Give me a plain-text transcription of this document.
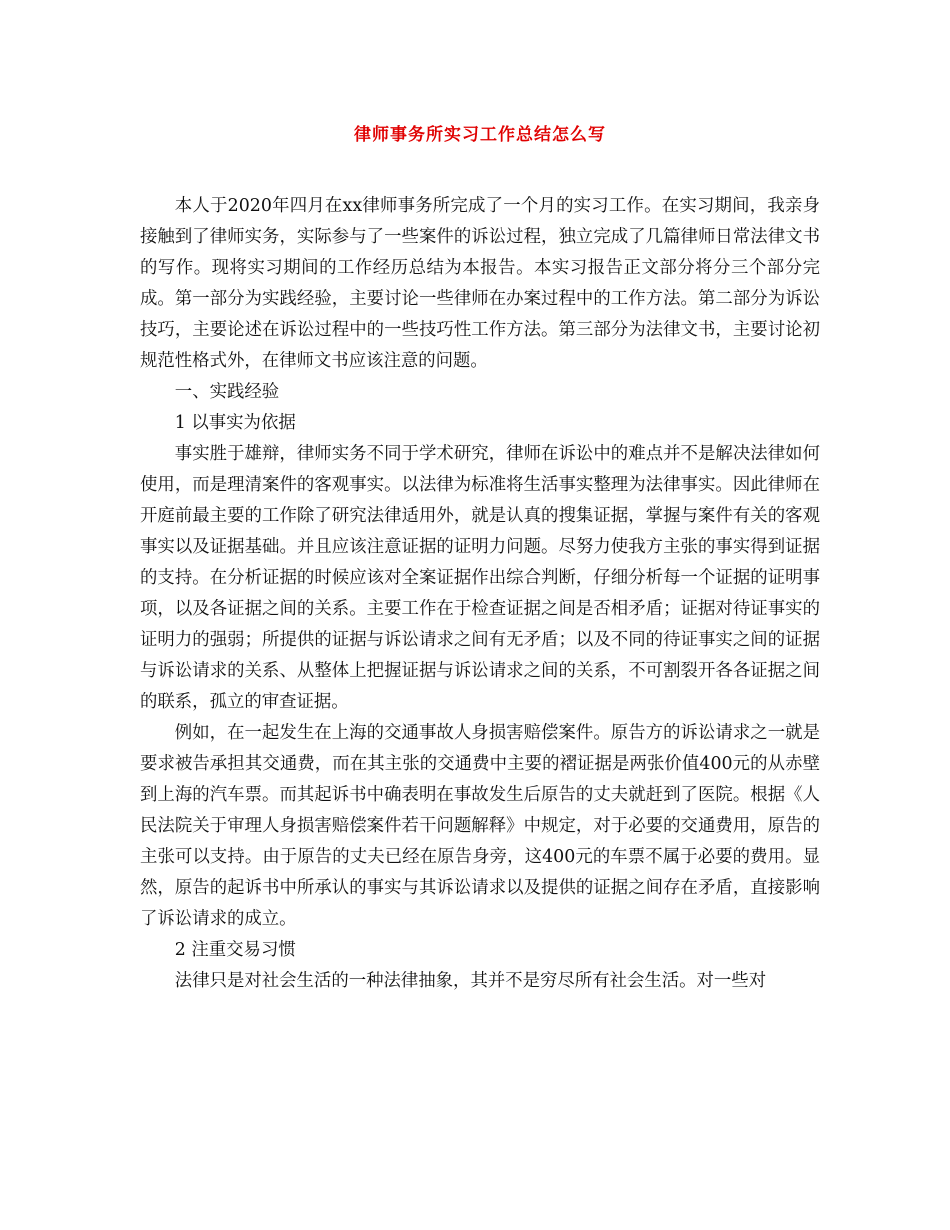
律师事务所实习工作总结怎么写

本人于2020年四月在xx律师事务所完成了一个月的实习工作。在实习期间，我亲身接触到了律师实务，实际参与了一些案件的诉讼过程，独立完成了几篇律师日常法律文书的写作。现将实习期间的工作经历总结为本报告。本实习报告正文部分将分三个部分完成。第一部分为实践经验，主要讨论一些律师在办案过程中的工作方法。第二部分为诉讼技巧，主要论述在诉讼过程中的一些技巧性工作方法。第三部分为法律文书，主要讨论初规范性格式外，在律师文书应该注意的问题。

一、实践经验

1 以事实为依据

事实胜于雄辩，律师实务不同于学术研究，律师在诉讼中的难点并不是解决法律如何使用，而是理清案件的客观事实。以法律为标准将生活事实整理为法律事实。因此律师在开庭前最主要的工作除了研究法律适用外，就是认真的搜集证据，掌握与案件有关的客观事实以及证据基础。并且应该注意证据的证明力问题。尽努力使我方主张的事实得到证据的支持。在分析证据的时候应该对全案证据作出综合判断，仔细分析每一个证据的证明事项，以及各证据之间的关系。主要工作在于检查证据之间是否相矛盾；证据对待证事实的证明力的强弱；所提供的证据与诉讼请求之间有无矛盾；以及不同的待证事实之间的证据与诉讼请求的关系、从整体上把握证据与诉讼请求之间的关系，不可割裂开各各证据之间的联系，孤立的审查证据。

例如，在一起发生在上海的交通事故人身损害赔偿案件。原告方的诉讼请求之一就是要求被告承担其交通费，而在其主张的交通费中主要的褶证据是两张价值400元的从赤壁到上海的汽车票。而其起诉书中确表明在事故发生后原告的丈夫就赶到了医院。根据《人民法院关于审理人身损害赔偿案件若干问题解释》中规定，对于必要的交通费用，原告的主张可以支持。由于原告的丈夫已经在原告身旁，这400元的车票不属于必要的费用。显然，原告的起诉书中所承认的事实与其诉讼请求以及提供的证据之间存在矛盾，直接影响了诉讼请求的成立。

2 注重交易习惯

法律只是对社会生活的一种法律抽象，其并不是穷尽所有社会生活。对一些对
